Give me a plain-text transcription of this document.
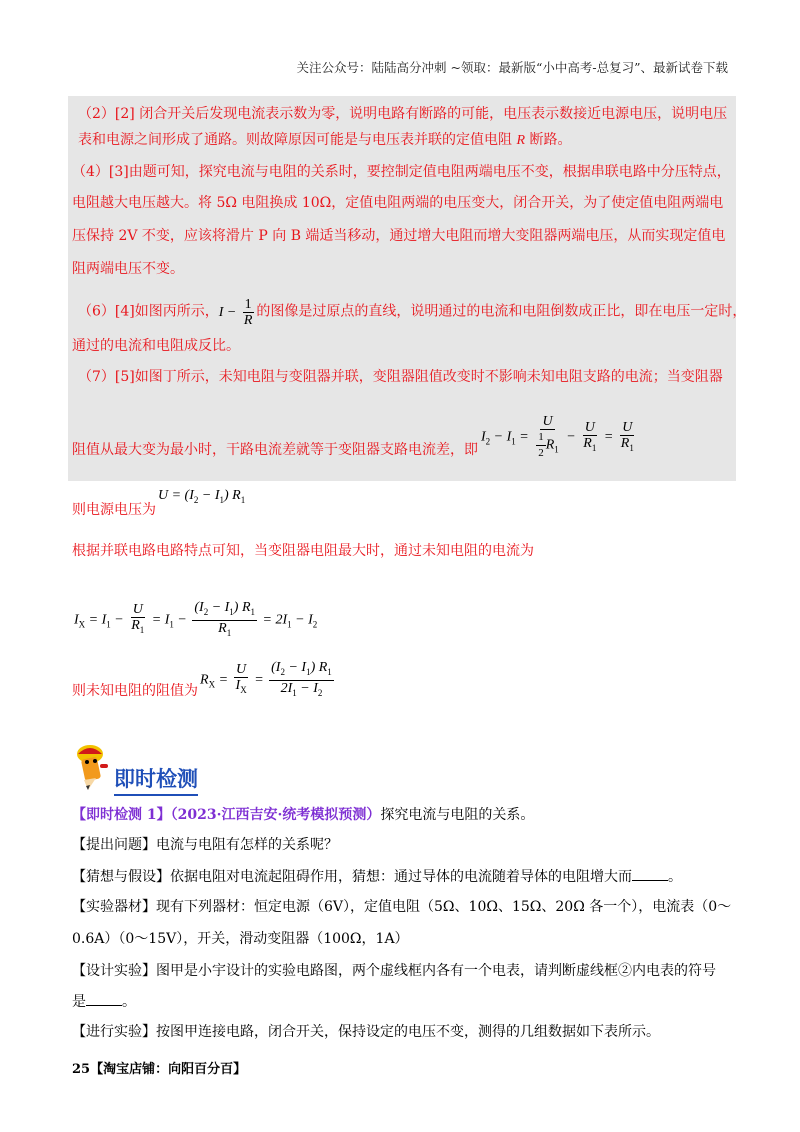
关注公众号：陆陆高分冲刺 ~领取：最新版“小中高考-总复习”、最新试卷下载
（2）[2] 闭合开关后发现电流表示数为零，说明电路有断路的可能，电压表示数接近电源电压，说明电压
表和电源之间形成了通路。则故障原因可能是与电压表并联的定值电阻 R 断路。
（4）[3]由题可知，探究电流与电阻的关系时，要控制定值电阻两端电压不变，根据串联电路中分压特点，
电阻越大电压越大。将 5Ω 电阻换成 10Ω，定值电阻两端的电压变大，闭合开关，为了使定值电阻两端电
压保持 2V 不变，应该将滑片 P 向 B 端适当移动，通过增大电阻而增大变阻器两端电压，从而实现定值电
阻两端电压不变。
（6）[4]如图丙所示，$I - \frac{1}{R}$ 的图像是过原点的直线，说明通过的电流和电阻倒数成正比，即在电压一定时，
通过的电流和电阻成反比。
（7）[5]如图丁所示，未知电阻与变阻器并联，变阻器阻值改变时不影响未知电阻支路的电流；当变阻器
阻值从最大变为最小时，干路电流差就等于变阻器支路电流差，即
$I_2 - I_1 = \frac{U}{\frac{1}{2} R_1} - \frac{U}{R_1} = \frac{U}{R_1}$
则电源电压为
$U = (I_2 - I_1)$ $R_1$
根据并联电路电路特点可知，当变阻器电阻最大时，通过未知电阻的电流为
$I_X = I_1 - \frac{U}{R_1} = I_1 - \frac{(I_2 - I_1) R_1}{R_1} = 2I_1 - I_2$
则未知电阻的阻值为
$R_X = \frac{U}{I_X} = \frac{(I_2 - I_1) R_1}{2I_1 - I_2}$
即时检测
【即时检测 1】（2023·江西吉安·统考模拟预测）探究电流与电阻的关系。
【提出问题】电流与电阻有怎样的关系呢？
【猜想与假设】依据电阻对电流起阻碍作用，猜想：通过导体的电流随着导体的电阻增大而	。
【实验器材】现有下列器材：恒定电源（6V），定值电阻（5Ω、10Ω、15Ω、20Ω 各一个），电流表（0～
0.6A）（0～15V），开关，滑动变阻器（100Ω，1A）
【设计实验】图甲是小宇设计的实验电路图，两个虚线框内各有一个电表，请判断虚线框②内电表的符号
是	。
【进行实验】按图甲连接电路，闭合开关，保持设定的电压不变，测得的几组数据如下表所示。
25【淘宝店铺：向阳百分百】
